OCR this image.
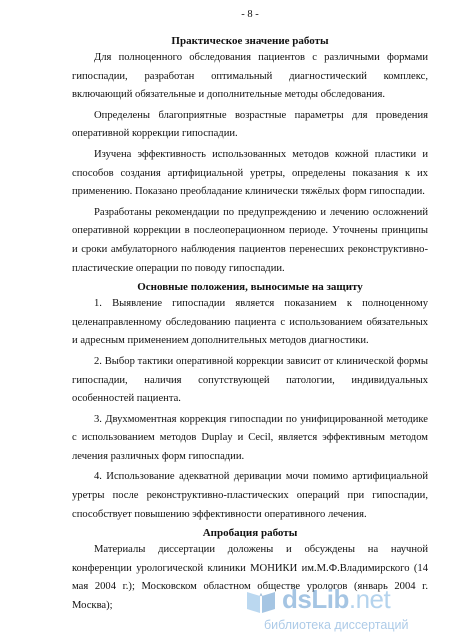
- 8 -
Практическое значение работы

Для полноценного обследования пациентов с различными формами гипоспадии, разработан оптимальный диагностический комплекс, включающий обязательные и дополнительные методы обследования.

Определены благоприятные возрастные параметры для проведения оперативной коррекции гипоспадии.

Изучена эффективность использованных методов кожной пластики и способов создания артифициальной уретры, определены показания к их применению. Показано преобладание клинически тяжёлых форм гипоспадии.

Разработаны рекомендации по предупреждению и лечению осложнений оперативной коррекции в послеоперационном периоде. Уточнены принципы и сроки амбулаторного наблюдения пациентов перенесших реконструктивно-пластические операции по поводу гипоспадии.

Основные положения, выносимые на защиту

1. Выявление гипоспадии является показанием к полноценному целенаправленному обследованию пациента с использованием обязательных и адресным применением дополнительных методов диагностики.

2. Выбор тактики оперативной коррекции зависит от клинической формы гипоспадии, наличия сопутствующей патологии, индивидуальных особенностей пациента.

3. Двухмоментная коррекция гипоспадии по унифицированной методике с использованием методов Duplay и Cecil, является эффективным методом лечения различных форм гипоспадии.

4. Использование адекватной деривации мочи помимо артифициальной уретры после реконструктивно-пластических операций при гипоспадии, способствует повышению эффективности оперативного лечения.

Апробация работы

Материалы диссертации доложены и обсуждены на научной конференции урологической клиники МОНИКИ им.М.Ф.Владимирского (14 мая 2004 г.); Московском областном обществе урологов (январь 2004 г. Москва);	dsLib.net
библиотека диссертаций
